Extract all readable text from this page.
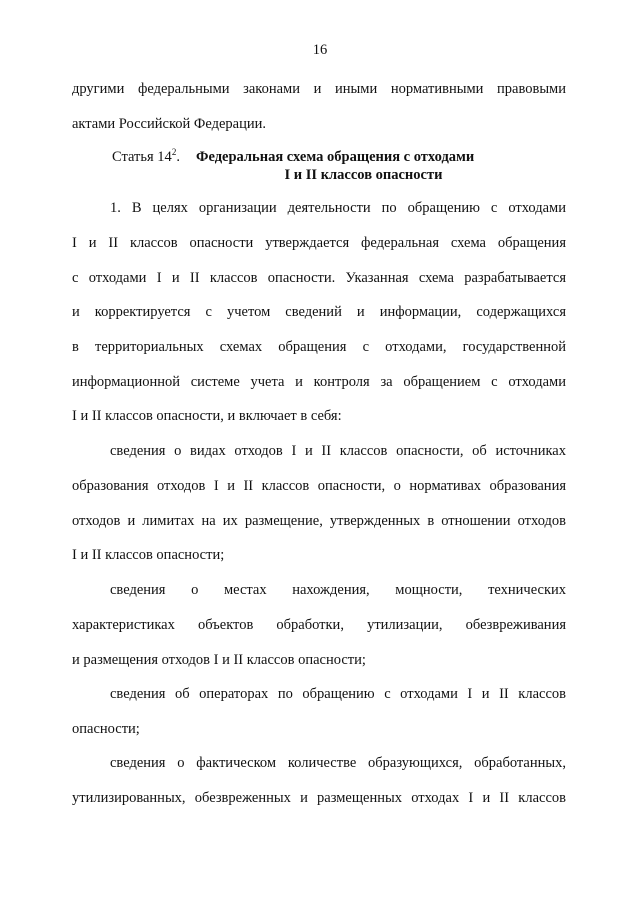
16
другими федеральными законами и иными нормативными правовыми
актами Российской Федерации.
Статья $14^2$. Федеральная схема обращения с отходами
I и II классов опасности
1. В целях организации деятельности по обращению с отходами
I и II классов опасности утверждается федеральная схема обращения
с отходами I и II классов опасности. Указанная схема разрабатывается
и корректируется с учетом сведений и информации, содержащихся
в территориальных схемах обращения с отходами, государственной
информационной системе учета и контроля за обращением с отходами
I и II классов опасности, и включает в себя:
сведения о видах отходов I и II классов опасности, об источниках
образования отходов I и II классов опасности, о нормативах образования
отходов и лимитах на их размещение, утвержденных в отношении отходов
I и II классов опасности;
сведения о местах нахождения, мощности, технических
характеристиках объектов обработки, утилизации, обезвреживания
и размещения отходов I и II классов опасности;
сведения об операторах по обращению с отходами I и II классов
опасности;
сведения о фактическом количестве образующихся, обработанных,
утилизированных, обезвреженных и размещенных отходах I и II классов
